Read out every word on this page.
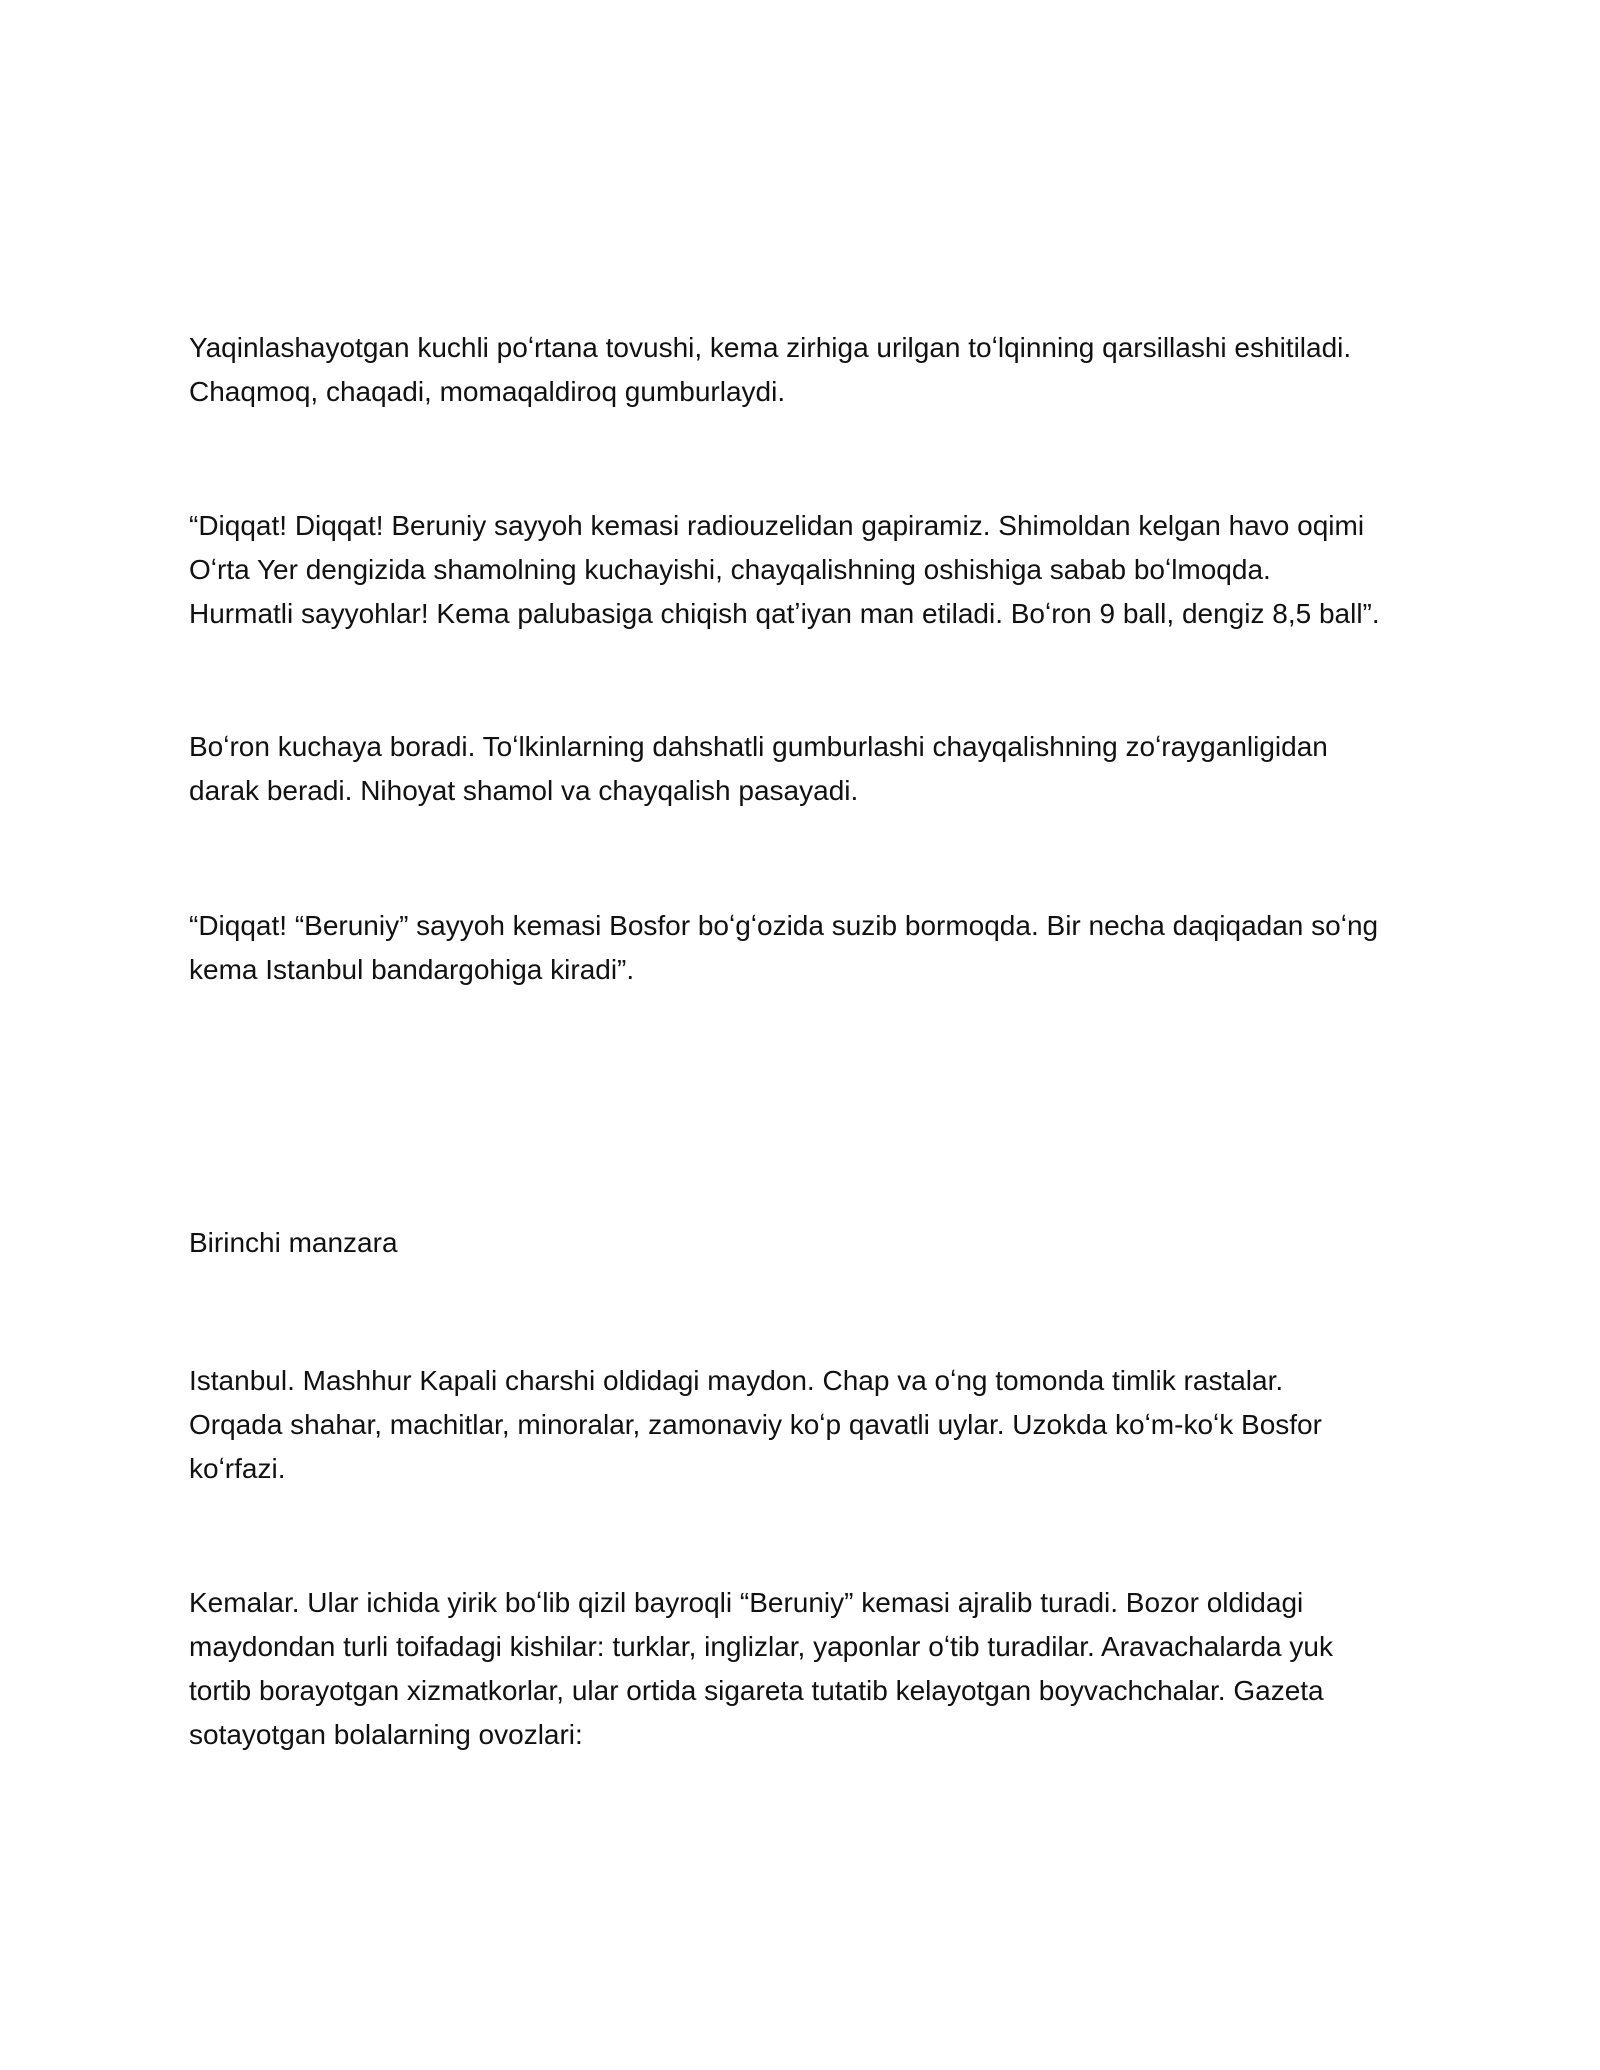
Yaqinlashayotgan kuchli poʻrtana tovushi, kema zirhiga urilgan toʻlqinning qarsillashi eshitiladi.
Chaqmoq, chaqadi, momaqaldiroq gumburlaydi.

“Diqqat! Diqqat! Beruniy sayyoh kemasi radiouzelidan gapiramiz. Shimoldan kelgan havo oqimi
Oʻrta Yer dengizida shamolning kuchayishi, chayqalishning oshishiga sabab boʻlmoqda.
Hurmatli sayyohlar! Kema palubasiga chiqish qatʼiyan man etiladi. Boʻron 9 ball, dengiz 8,5 ball”.

Boʻron kuchaya boradi. Toʻlkinlarning dahshatli gumburlashi chayqalishning zoʻrayganligidan
darak beradi. Nihoyat shamol va chayqalish pasayadi.

“Diqqat! “Beruniy” sayyoh kemasi Bosfor boʻgʻozida suzib bormoqda. Bir necha daqiqadan soʻng
kema Istanbul bandargohiga kiradi”.

Birinchi manzara

Istanbul. Mashhur Kapali charshi oldidagi maydon. Chap va oʻng tomonda timlik rastalar.
Orqada shahar, machitlar, minoralar, zamonaviy koʻp qavatli uylar. Uzokda koʻm-koʻk Bosfor
koʻrfazi.

Kemalar. Ular ichida yirik boʻlib qizil bayroqli “Beruniy” kemasi ajralib turadi. Bozor oldidagi
maydondan turli toifadagi kishilar: turklar, inglizlar, yaponlar oʻtib turadilar. Aravachalarda yuk
tortib borayotgan xizmatkorlar, ular ortida sigareta tutatib kelayotgan boyvachchalar. Gazeta
sotayotgan bolalarning ovozlari:
